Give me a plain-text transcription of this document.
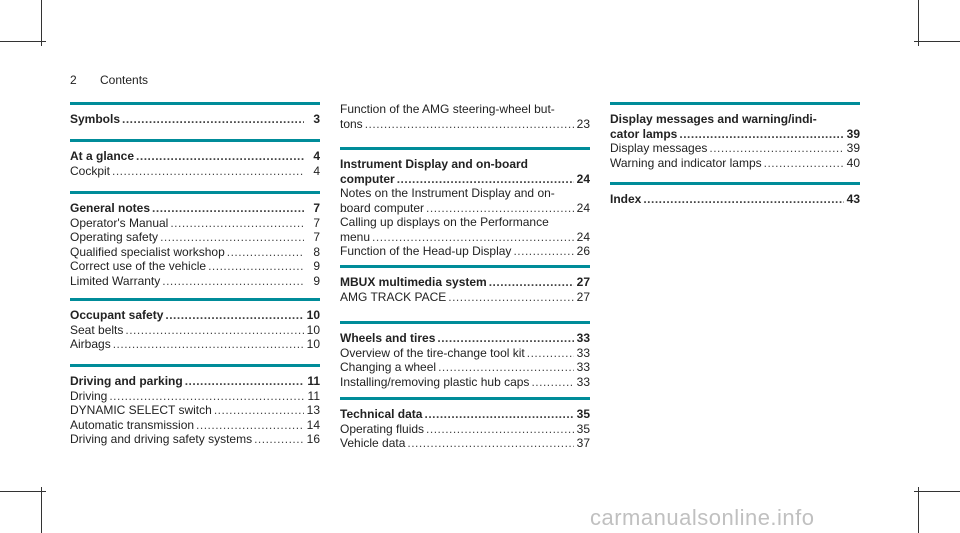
2 Contents
Symbols .....	3
At a glance .....	4
Cockpit .....	4
General notes .....	7
Operator's Manual .....	7
Operating safety .....	7
Qualified specialist workshop .....	8
Correct use of the vehicle .....	9
Limited Warranty .....	9
Occupant safety .....	10
Seat belts .....	10
Airbags .....	10
Driving and parking .....	11
Driving .....	11
DYNAMIC SELECT switch .....	13
Automatic transmission .....	14
Driving and driving safety systems .....	16
Function of the AMG steering-wheel but-
tons .....	23
Instrument Display and on-board
computer .....	24
Notes on the Instrument Display and on-
board computer .....	24
Calling up displays on the Performance
menu .....	24
Function of the Head-up Display .....	26
MBUX multimedia system .....	27
AMG TRACK PACE .....	27
Wheels and tires .....	33
Overview of the tire-change tool kit .....	33
Changing a wheel .....	33
Installing/removing plastic hub caps .....	33
Technical data .....	35
Operating fluids .....	35
Vehicle data .....	37
Display messages and warning/indi-
cator lamps .....	39
Display messages .....	39
Warning and indicator lamps .....	40
Index .....	43
carmanualsonline.info
